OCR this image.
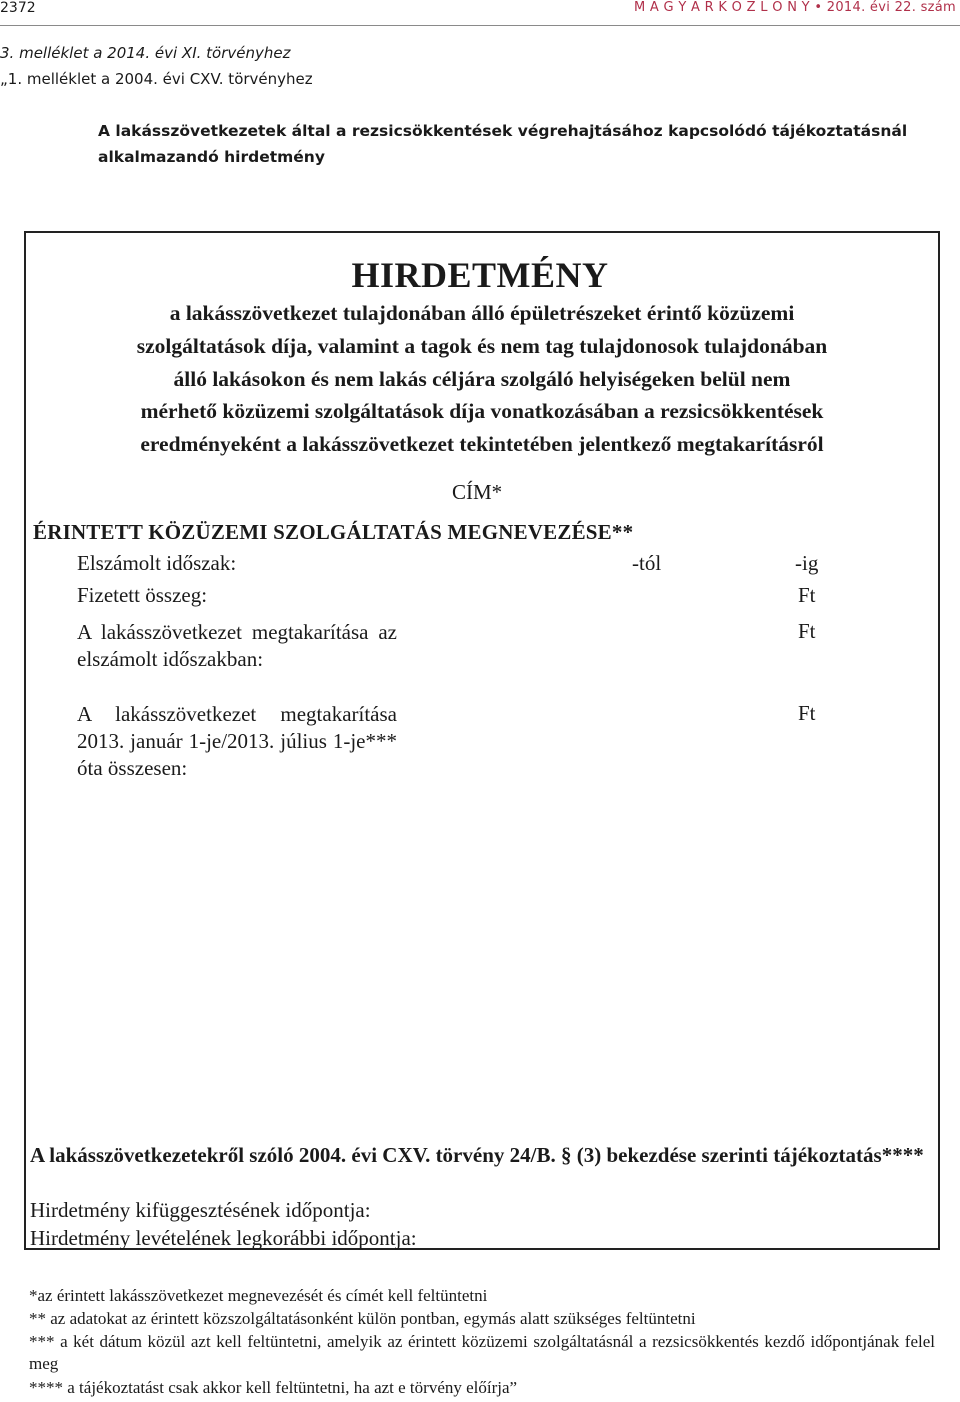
2372	M A G Y A R K Ö Z L Ö N Y • 2014. évi 22. szám
3. melléklet a 2014. évi XI. törvényhez
„1. melléklet a 2004. évi CXV. törvényhez
A lakásszövetkezetek által a rezsicsökkentések végrehajtásához kapcsolódó tájékoztatásnál
alkalmazandó hirdetmény
HIRDETMÉNY
a lakásszövetkezet tulajdonában álló épületrészeket érintő közüzemi
szolgáltatások díja, valamint a tagok és nem tag tulajdonosok tulajdonában
álló lakásokon és nem lakás céljára szolgáló helyiségeken belül nem
mérhető közüzemi szolgáltatások díja vonatkozásában a rezsicsökkentések
eredményeként a lakásszövetkezet tekintetében jelentkező megtakarításról
CÍM*
ÉRINTETT KÖZÜZEMI SZOLGÁLTATÁS MEGNEVEZÉSE**
Elszámolt időszak:	-tól	-ig
Fizetett összeg:	Ft
A lakásszövetkezet megtakarítása az elszámolt időszakban:
Ft
A lakásszövetkezet megtakarítása 2013. január 1-je/2013. július 1-je*** óta összesen:
Ft
A lakásszövetkezetekről szóló 2004. évi CXV. törvény 24/B. § (3) bekezdése szerinti tájékoztatás****
Hirdetmény kifüggesztésének időpontja:
Hirdetmény levételének legkorábbi időpontja:
*az érintett lakásszövetkezet megnevezését és címét kell feltüntetni
** az adatokat az érintett közszolgáltatásonként külön pontban, egymás alatt szükséges feltüntetni
*** a két dátum közül azt kell feltüntetni, amelyik az érintett közüzemi szolgáltatásnál a rezsicsökkentés kezdő időpontjának felel meg
**** a tájékoztatást csak akkor kell feltüntetni, ha azt e törvény előírja”
